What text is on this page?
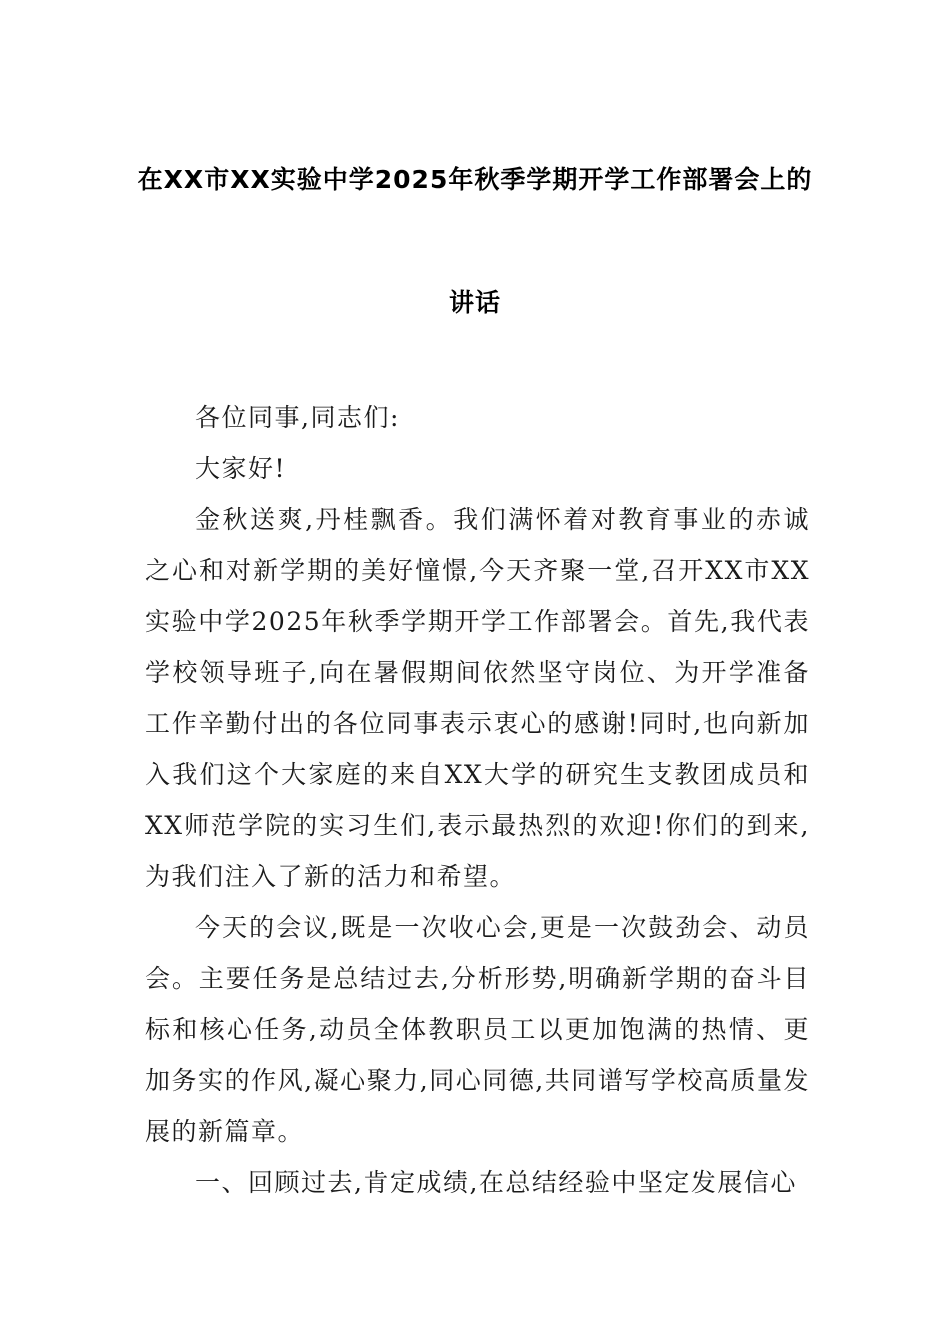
在XX市XX实验中学2025年秋季学期开学工作部署会上的
讲话

各位同事,同志们:

大家好!

金秋送爽,丹桂飘香。我们满怀着对教育事业的赤诚之心和对新学期的美好憧憬,今天齐聚一堂,召开XX市XX实验中学2025年秋季学期开学工作部署会。首先,我代表学校领导班子,向在暑假期间依然坚守岗位、为开学准备工作辛勤付出的各位同事表示衷心的感谢!同时,也向新加入我们这个大家庭的来自XX大学的研究生支教团成员和XX师范学院的实习生们,表示最热烈的欢迎!你们的到来,为我们注入了新的活力和希望。

今天的会议,既是一次收心会,更是一次鼓劲会、动员会。主要任务是总结过去,分析形势,明确新学期的奋斗目标和核心任务,动员全体教职员工以更加饱满的热情、更加务实的作风,凝心聚力,同心同德,共同谱写学校高质量发展的新篇章。

一、回顾过去,肯定成绩,在总结经验中坚定发展信心
